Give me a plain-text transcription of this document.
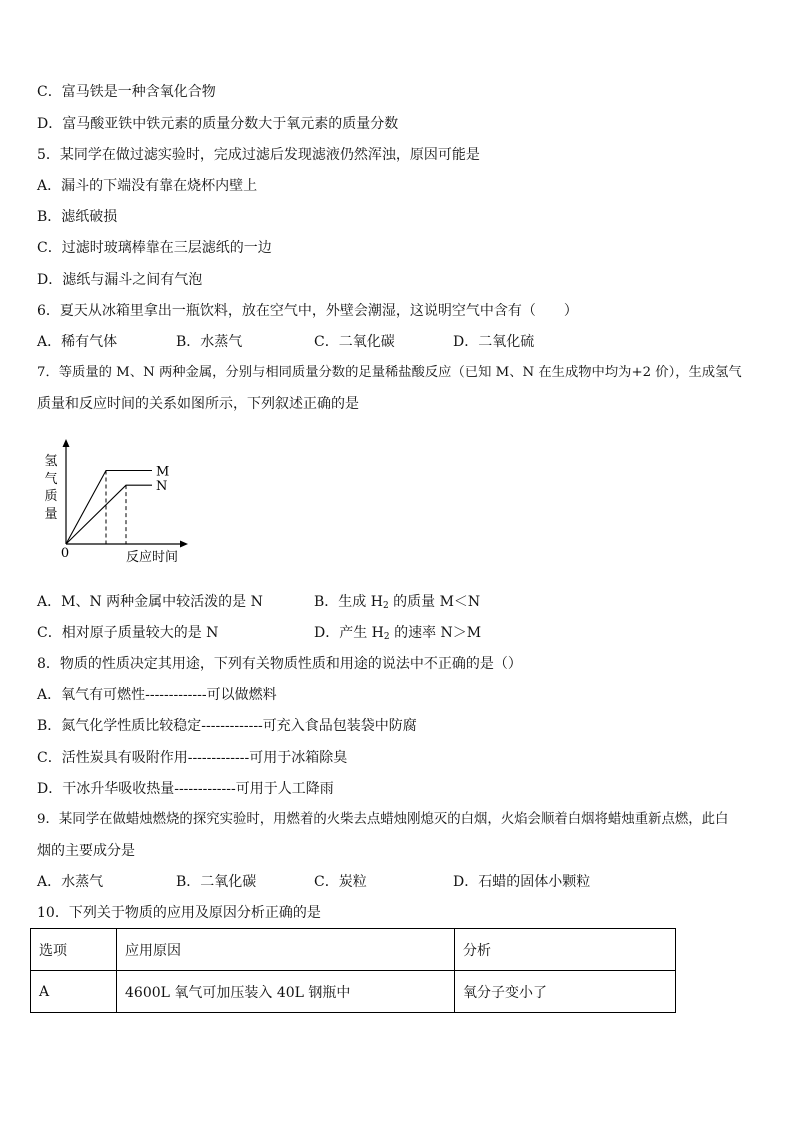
C．富马铁是一种含氧化合物
D．富马酸亚铁中铁元素的质量分数大于氧元素的质量分数
5．某同学在做过滤实验时，完成过滤后发现滤液仍然浑浊，原因可能是
A．漏斗的下端没有靠在烧杯内壁上
B．滤纸破损
C．过滤时玻璃棒靠在三层滤纸的一边
D．滤纸与漏斗之间有气泡
6．夏天从冰箱里拿出一瓶饮料，放在空气中，外壁会潮湿，这说明空气中含有（　　）
A．稀有气体	B．水蒸气	C．二氧化碳	D．二氧化硫
7．等质量的 M、N 两种金属，分别与相同质量分数的足量稀盐酸反应（已知 M、N 在生成物中均为+2 价），生成氢气
质量和反应时间的关系如图所示，下列叙述正确的是
氢
气
质
量
0	反应时间
M
N
A．M、N 两种金属中较活泼的是 N	B．生成 $H_2$ 的质量 M＜N
C．相对原子质量较大的是 N	D．产生 $H_2$ 的速率 N＞M
8．物质的性质决定其用途，下列有关物质性质和用途的说法中不正确的是（）
A．氧气有可燃性-------------可以做燃料
B．氮气化学性质比较稳定-------------可充入食品包装袋中防腐
C．活性炭具有吸附作用-------------可用于冰箱除臭
D．干冰升华吸收热量-------------可用于人工降雨
9．某同学在做蜡烛燃烧的探究实验时，用燃着的火柴去点蜡烛刚熄灭的白烟，火焰会顺着白烟将蜡烛重新点燃，此白
烟的主要成分是
A．水蒸气	B．二氧化碳	C．炭粒	D．石蜡的固体小颗粒
10．下列关于物质的应用及原因分析正确的是
选项	应用原因	分析
A	4600L 氧气可加压装入 40L 钢瓶中	氧分子变小了
